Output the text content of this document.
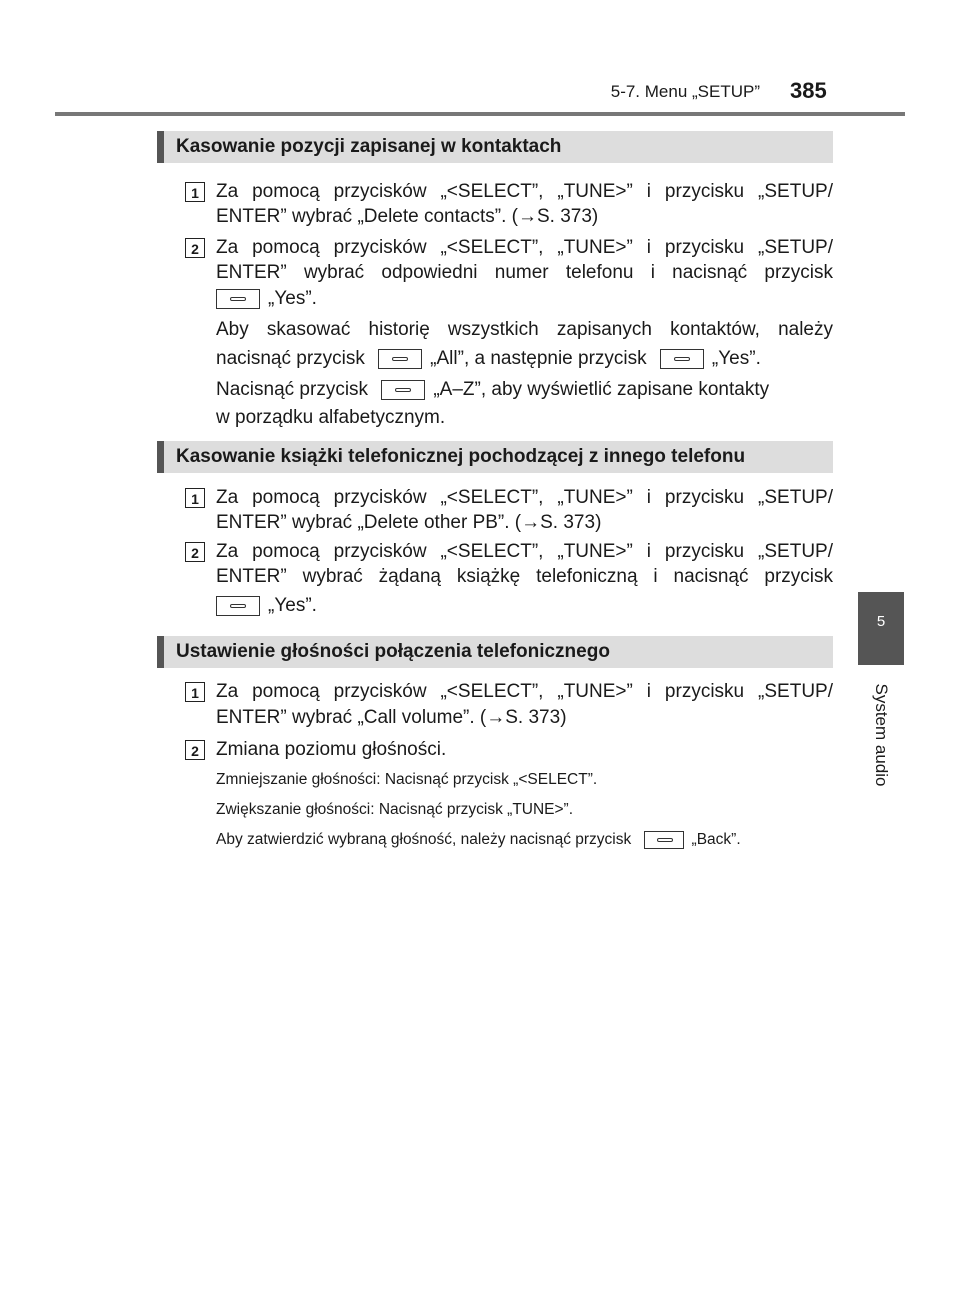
5-7. Menu „SETUP” 385
5
System audio
Kasowanie pozycji zapisanej w kontaktach
1 Za pomocą przycisków „<SELECT”, „TUNE>” i przycisku „SETUP/
ENTER” wybrać „Delete contacts”. (→S. 373)
2 Za pomocą przycisków „<SELECT”, „TUNE>” i przycisku „SETUP/
ENTER” wybrać odpowiedni numer telefonu i nacisnąć przycisk
„Yes”.
Aby skasować historię wszystkich zapisanych kontaktów, należy
nacisnąć przycisk	„All”, a następnie przycisk	„Yes”.
Nacisnąć przycisk	„A–Z”, aby wyświetlić zapisane kontakty
w porządku alfabetycznym.
Kasowanie książki telefonicznej pochodzącej z innego telefonu
1 Za pomocą przycisków „<SELECT”, „TUNE>” i przycisku „SETUP/
ENTER” wybrać „Delete other PB”. (→S. 373)
2 Za pomocą przycisków „<SELECT”, „TUNE>” i przycisku „SETUP/
ENTER” wybrać żądaną książkę telefoniczną i nacisnąć przycisk
„Yes”.
Ustawienie głośności połączenia telefonicznego
1 Za pomocą przycisków „<SELECT”, „TUNE>” i przycisku „SETUP/
ENTER” wybrać „Call volume”. (→S. 373)
2 Zmiana poziomu głośności.
Zmniejszanie głośności: Nacisnąć przycisk „<SELECT”.
Zwiększanie głośności: Nacisnąć przycisk „TUNE>”.
Aby zatwierdzić wybraną głośność, należy nacisnąć przycisk	„Back”.
